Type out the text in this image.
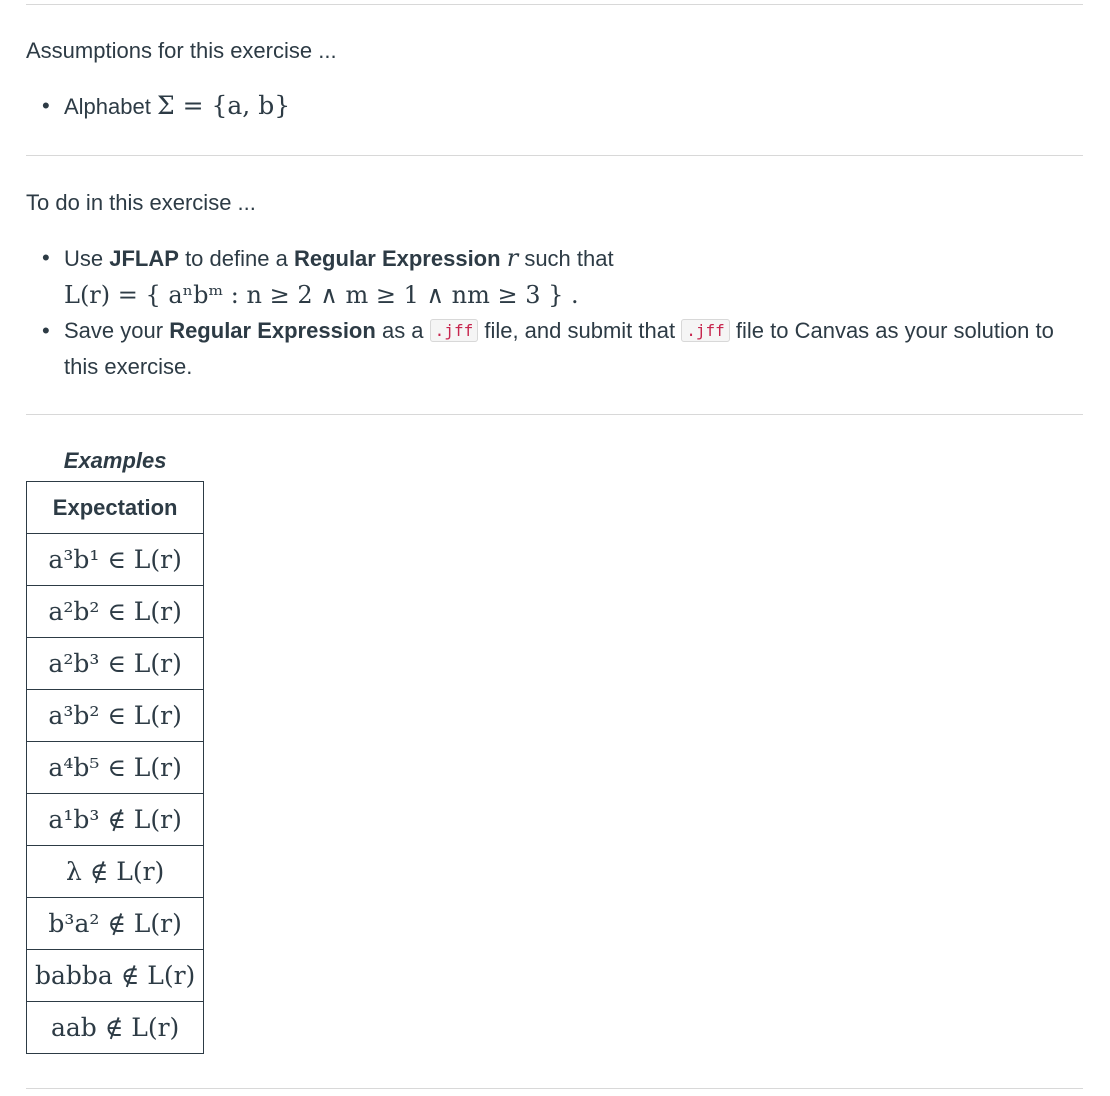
Assumptions for this exercise ...
• Alphabet Σ = {a, b}
To do in this exercise ...
• Use JFLAP to define a Regular Expression r such that
L(r) = { aⁿbᵐ : n ≥ 2 ∧ m ≥ 1 ∧ nm ≥ 3 } .
• Save your Regular Expression as a .jff file, and submit that .jff file to Canvas as your solution to this exercise.
Examples
Expectation
a³b¹ ∈ L(r)
a²b² ∈ L(r)
a²b³ ∈ L(r)
a³b² ∈ L(r)
a⁴b⁵ ∈ L(r)
a¹b³ ∉ L(r)
λ ∉ L(r)
b³a² ∉ L(r)
babba ∉ L(r)
aab ∉ L(r)
